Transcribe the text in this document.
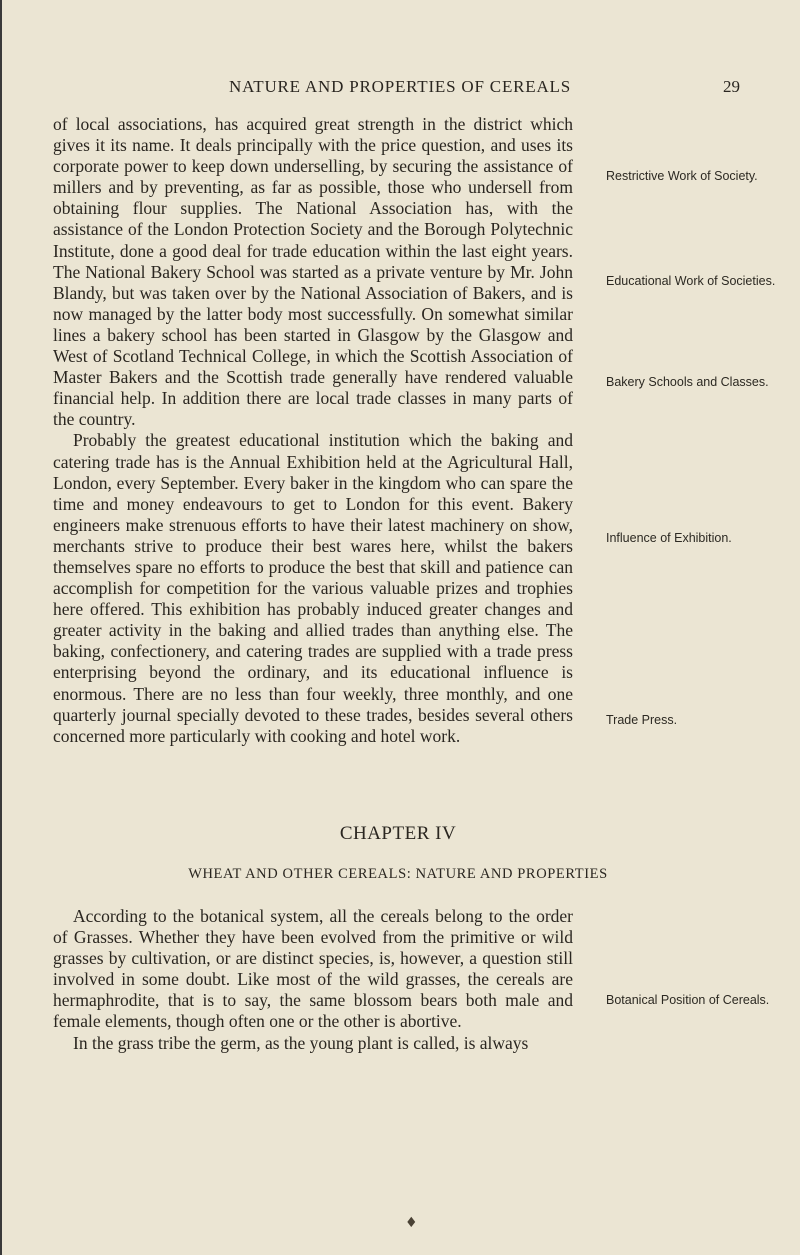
NATURE AND PROPERTIES OF CEREALS	29

of local associations, has acquired great strength in the district which gives it its name. It deals principally with the price question, and uses its corporate power to keep down underselling, by securing the assistance of millers and by preventing, as far as possible, those who undersell from obtaining flour supplies. The National Association has, with the assistance of the London Protection Society and the Borough Polytechnic Institute, done a good deal for trade education within the last eight years. The National Bakery School was started as a private venture by Mr. John Blandy, but was taken over by the National Association of Bakers, and is now managed by the latter body most successfully. On somewhat similar lines a bakery school has been started in Glasgow by the Glasgow and West of Scotland Technical College, in which the Scottish Association of Master Bakers and the Scottish trade generally have rendered valuable financial help. In addition there are local trade classes in many parts of the country.

Probably the greatest educational institution which the baking and catering trade has is the Annual Exhibition held at the Agricultural Hall, London, every September. Every baker in the kingdom who can spare the time and money endeavours to get to London for this event. Bakery engineers make strenuous efforts to have their latest machinery on show, merchants strive to produce their best wares here, whilst the bakers themselves spare no efforts to produce the best that skill and patience can accomplish for competition for the various valuable prizes and trophies here offered. This exhibition has probably induced greater changes and greater activity in the baking and allied trades than anything else. The baking, confectionery, and catering trades are supplied with a trade press enterprising beyond the ordinary, and its educational influence is enormous. There are no less than four weekly, three monthly, and one quarterly journal specially devoted to these trades, besides several others concerned more particularly with cooking and hotel work.

Restrictive Work of Society.
Educational Work of Societies.
Bakery Schools and Classes.
Influence of Exhibition.
Trade Press.
Botanical Position of Cereals.
CHAPTER IV
WHEAT AND OTHER CEREALS: NATURE AND PROPERTIES

According to the botanical system, all the cereals belong to the order of Grasses. Whether they have been evolved from the primitive or wild grasses by cultivation, or are distinct species, is, however, a question still involved in some doubt. Like most of the wild grasses, the cereals are hermaphrodite, that is to say, the same blossom bears both male and female elements, though often one or the other is abortive.

In the grass tribe the germ, as the young plant is called, is always

♦
